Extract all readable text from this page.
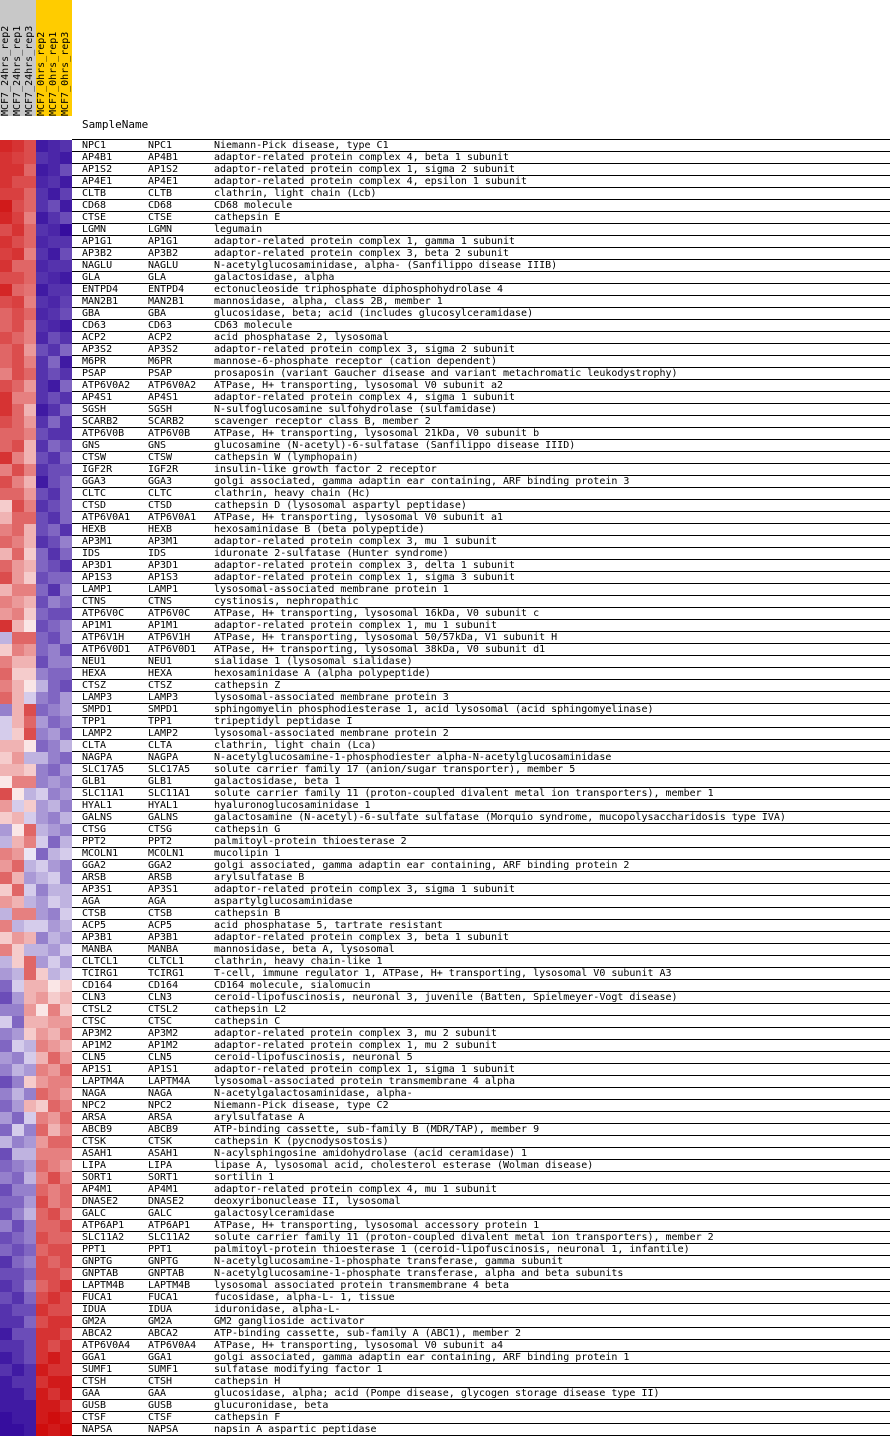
MCF7_24hrs_rep2 MCF7_24hrs_rep1 MCF7_24hrs_rep3 MCF7_0hrs_rep2 MCF7_0hrs_rep1 MCF7_0hrs_rep3
SampleName
NPC1	NPC1	Niemann-Pick disease, type C1
AP4B1	AP4B1	adaptor-related protein complex 4, beta 1 subunit
AP1S2	AP1S2	adaptor-related protein complex 1, sigma 2 subunit
AP4E1	AP4E1	adaptor-related protein complex 4, epsilon 1 subunit
CLTB	CLTB	clathrin, light chain (Lcb)
CD68	CD68	CD68 molecule
CTSE	CTSE	cathepsin E
LGMN	LGMN	legumain
AP1G1	AP1G1	adaptor-related protein complex 1, gamma 1 subunit
AP3B2	AP3B2	adaptor-related protein complex 3, beta 2 subunit
NAGLU	NAGLU	N-acetylglucosaminidase, alpha- (Sanfilippo disease IIIB)
GLA	GLA	galactosidase, alpha
ENTPD4	ENTPD4	ectonucleoside triphosphate diphosphohydrolase 4
MAN2B1	MAN2B1	mannosidase, alpha, class 2B, member 1
GBA	GBA	glucosidase, beta; acid (includes glucosylceramidase)
CD63	CD63	CD63 molecule
ACP2	ACP2	acid phosphatase 2, lysosomal
AP3S2	AP3S2	adaptor-related protein complex 3, sigma 2 subunit
M6PR	M6PR	mannose-6-phosphate receptor (cation dependent)
PSAP	PSAP	prosaposin (variant Gaucher disease and variant metachromatic leukodystrophy)
ATP6V0A2	ATP6V0A2	ATPase, H+ transporting, lysosomal V0 subunit a2
AP4S1	AP4S1	adaptor-related protein complex 4, sigma 1 subunit
SGSH	SGSH	N-sulfoglucosamine sulfohydrolase (sulfamidase)
SCARB2	SCARB2	scavenger receptor class B, member 2
ATP6V0B	ATP6V0B	ATPase, H+ transporting, lysosomal 21kDa, V0 subunit b
GNS	GNS	glucosamine (N-acetyl)-6-sulfatase (Sanfilippo disease IIID)
CTSW	CTSW	cathepsin W (lymphopain)
IGF2R	IGF2R	insulin-like growth factor 2 receptor
GGA3	GGA3	golgi associated, gamma adaptin ear containing, ARF binding protein 3
CLTC	CLTC	clathrin, heavy chain (Hc)
CTSD	CTSD	cathepsin D (lysosomal aspartyl peptidase)
ATP6V0A1	ATP6V0A1	ATPase, H+ transporting, lysosomal V0 subunit a1
HEXB	HEXB	hexosaminidase B (beta polypeptide)
AP3M1	AP3M1	adaptor-related protein complex 3, mu 1 subunit
IDS	IDS	iduronate 2-sulfatase (Hunter syndrome)
AP3D1	AP3D1	adaptor-related protein complex 3, delta 1 subunit
AP1S3	AP1S3	adaptor-related protein complex 1, sigma 3 subunit
LAMP1	LAMP1	lysosomal-associated membrane protein 1
CTNS	CTNS	cystinosis, nephropathic
ATP6V0C	ATP6V0C	ATPase, H+ transporting, lysosomal 16kDa, V0 subunit c
AP1M1	AP1M1	adaptor-related protein complex 1, mu 1 subunit
ATP6V1H	ATP6V1H	ATPase, H+ transporting, lysosomal 50/57kDa, V1 subunit H
ATP6V0D1	ATP6V0D1	ATPase, H+ transporting, lysosomal 38kDa, V0 subunit d1
NEU1	NEU1	sialidase 1 (lysosomal sialidase)
HEXA	HEXA	hexosaminidase A (alpha polypeptide)
CTSZ	CTSZ	cathepsin Z
LAMP3	LAMP3	lysosomal-associated membrane protein 3
SMPD1	SMPD1	sphingomyelin phosphodiesterase 1, acid lysosomal (acid sphingomyelinase)
TPP1	TPP1	tripeptidyl peptidase I
LAMP2	LAMP2	lysosomal-associated membrane protein 2
CLTA	CLTA	clathrin, light chain (Lca)
NAGPA	NAGPA	N-acetylglucosamine-1-phosphodiester alpha-N-acetylglucosaminidase
SLC17A5	SLC17A5	solute carrier family 17 (anion/sugar transporter), member 5
GLB1	GLB1	galactosidase, beta 1
SLC11A1	SLC11A1	solute carrier family 11 (proton-coupled divalent metal ion transporters), member 1
HYAL1	HYAL1	hyaluronoglucosaminidase 1
GALNS	GALNS	galactosamine (N-acetyl)-6-sulfate sulfatase (Morquio syndrome, mucopolysaccharidosis type IVA)
CTSG	CTSG	cathepsin G
PPT2	PPT2	palmitoyl-protein thioesterase 2
MCOLN1	MCOLN1	mucolipin 1
GGA2	GGA2	golgi associated, gamma adaptin ear containing, ARF binding protein 2
ARSB	ARSB	arylsulfatase B
AP3S1	AP3S1	adaptor-related protein complex 3, sigma 1 subunit
AGA	AGA	aspartylglucosaminidase
CTSB	CTSB	cathepsin B
ACP5	ACP5	acid phosphatase 5, tartrate resistant
AP3B1	AP3B1	adaptor-related protein complex 3, beta 1 subunit
MANBA	MANBA	mannosidase, beta A, lysosomal
CLTCL1	CLTCL1	clathrin, heavy chain-like 1
TCIRG1	TCIRG1	T-cell, immune regulator 1, ATPase, H+ transporting, lysosomal V0 subunit A3
CD164	CD164	CD164 molecule, sialomucin
CLN3	CLN3	ceroid-lipofuscinosis, neuronal 3, juvenile (Batten, Spielmeyer-Vogt disease)
CTSL2	CTSL2	cathepsin L2
CTSC	CTSC	cathepsin C
AP3M2	AP3M2	adaptor-related protein complex 3, mu 2 subunit
AP1M2	AP1M2	adaptor-related protein complex 1, mu 2 subunit
CLN5	CLN5	ceroid-lipofuscinosis, neuronal 5
AP1S1	AP1S1	adaptor-related protein complex 1, sigma 1 subunit
LAPTM4A	LAPTM4A	lysosomal-associated protein transmembrane 4 alpha
NAGA	NAGA	N-acetylgalactosaminidase, alpha-
NPC2	NPC2	Niemann-Pick disease, type C2
ARSA	ARSA	arylsulfatase A
ABCB9	ABCB9	ATP-binding cassette, sub-family B (MDR/TAP), member 9
CTSK	CTSK	cathepsin K (pycnodysostosis)
ASAH1	ASAH1	N-acylsphingosine amidohydrolase (acid ceramidase) 1
LIPA	LIPA	lipase A, lysosomal acid, cholesterol esterase (Wolman disease)
SORT1	SORT1	sortilin 1
AP4M1	AP4M1	adaptor-related protein complex 4, mu 1 subunit
DNASE2	DNASE2	deoxyribonuclease II, lysosomal
GALC	GALC	galactosylceramidase
ATP6AP1	ATP6AP1	ATPase, H+ transporting, lysosomal accessory protein 1
SLC11A2	SLC11A2	solute carrier family 11 (proton-coupled divalent metal ion transporters), member 2
PPT1	PPT1	palmitoyl-protein thioesterase 1 (ceroid-lipofuscinosis, neuronal 1, infantile)
GNPTG	GNPTG	N-acetylglucosamine-1-phosphate transferase, gamma subunit
GNPTAB	GNPTAB	N-acetylglucosamine-1-phosphate transferase, alpha and beta subunits
LAPTM4B	LAPTM4B	lysosomal associated protein transmembrane 4 beta
FUCA1	FUCA1	fucosidase, alpha-L- 1, tissue
IDUA	IDUA	iduronidase, alpha-L-
GM2A	GM2A	GM2 ganglioside activator
ABCA2	ABCA2	ATP-binding cassette, sub-family A (ABC1), member 2
ATP6V0A4	ATP6V0A4	ATPase, H+ transporting, lysosomal V0 subunit a4
GGA1	GGA1	golgi associated, gamma adaptin ear containing, ARF binding protein 1
SUMF1	SUMF1	sulfatase modifying factor 1
CTSH	CTSH	cathepsin H
GAA	GAA	glucosidase, alpha; acid (Pompe disease, glycogen storage disease type II)
GUSB	GUSB	glucuronidase, beta
CTSF	CTSF	cathepsin F
NAPSA	NAPSA	napsin A aspartic peptidase
